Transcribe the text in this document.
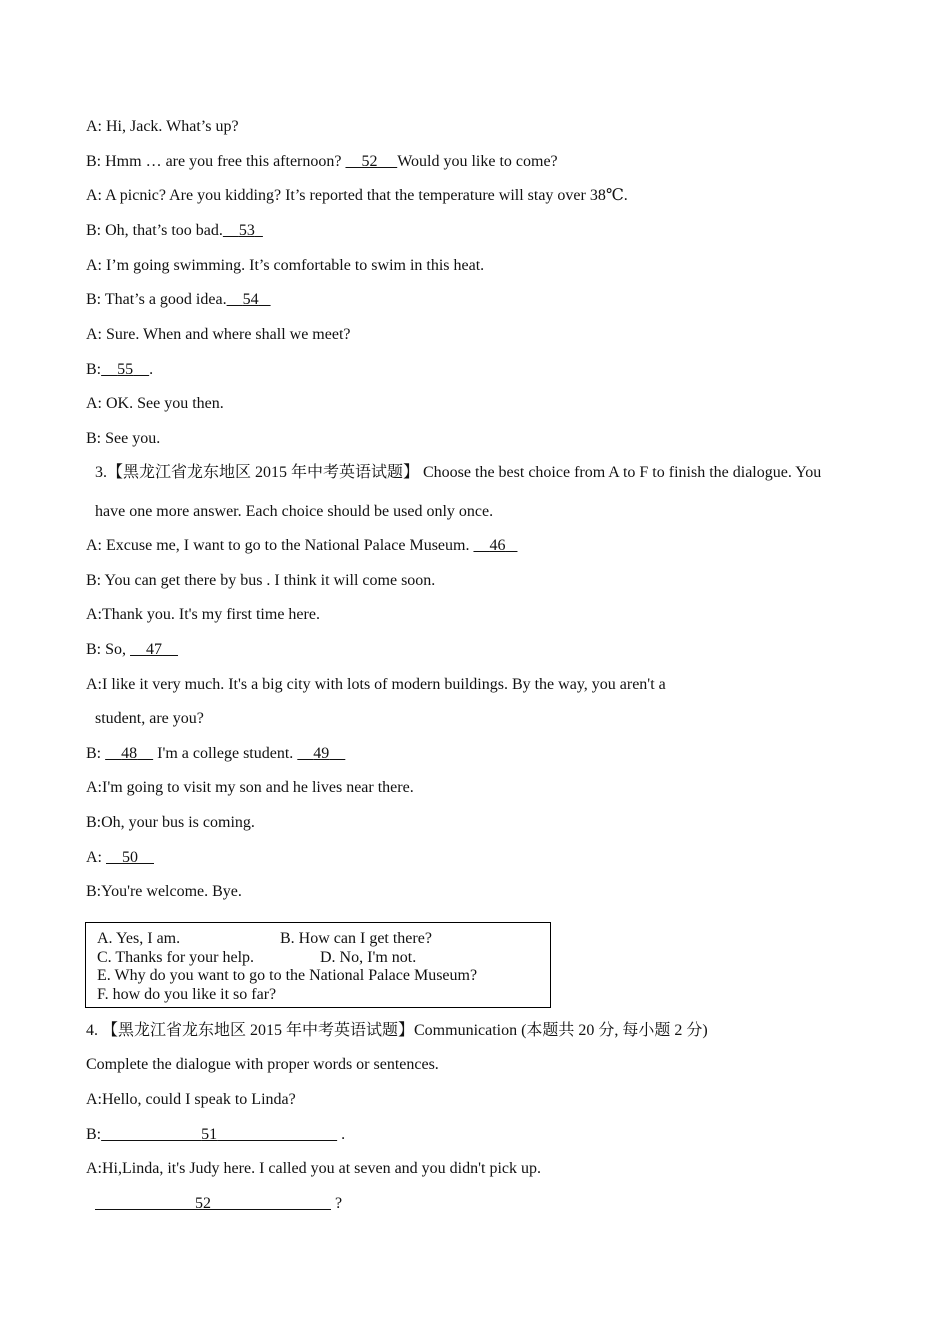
A: Hi, Jack. What’s up?
B: Hmm … are you free this afternoon?     52 Would you like to come?
A: A picnic? Are you kidding? It’s reported that the temperature will stay over 38℃.
B: Oh, that’s too bad. 53
A: I’m going swimming. It’s comfortable to swim in this heat.
B: That’s a good idea. 54
A: Sure. When and where shall we meet?
B: 55 .
A: OK. See you then.
B: See you.
3.【黑龙江省龙东地区 2015 年中考英语试题】 Choose the best choice from A to F to finish the dialogue. You
have one more answer. Each choice should be used only once.
A: Excuse me, I want to go to the National Palace Museum.     46
B: You can get there by bus . I think it will come soon.
A:Thank you. It's my first time here.
B: So,     47
A:I like it very much. It's a big city with lots of modern buildings. By the way, you aren't a
student, are you?
B:     48     I'm a college student.     49
A:I'm going to visit my son and he lives near there.
B:Oh, your bus is coming.
A:     50
B:You're welcome. Bye.
A. Yes, I am.	B. How can I get there?
C. Thanks for your help.	D. No, I'm not.
E. Why do you want to go to the National Palace Museum?
F. how do you like it so far?
4. 【黑龙江省龙东地区 2015 年中考英语试题】Communication (本题共 20 分, 每小题 2 分)
Complete the dialogue with proper words or sentences.
A:Hello, could I speak to Linda?
B:	51	.
A:Hi,Linda, it's Judy here. I called you at seven and you didn't pick up.
52	?
